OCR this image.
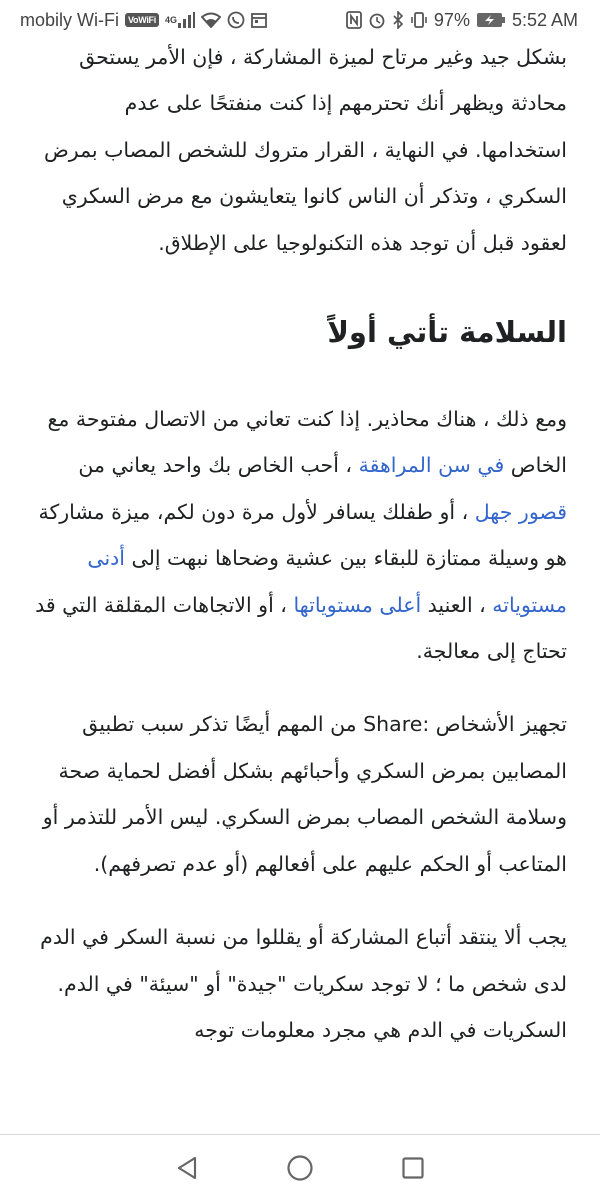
mobily Wi-Fi	VoWiFi	4G	97% 5:52 AM

بشكل جيد وغير مرتاح لميزة المشاركة ، فإن الأمر يستحق محادثة ويظهر أنك تحترمهم إذا كنت منفتحًا على عدم استخدامها. في النهاية ، القرار متروك للشخص المصاب بمرض السكري ، وتذكر أن الناس كانوا يتعايشون مع مرض السكري لعقود قبل أن توجد هذه التكنولوجيا على الإطلاق.

السلامة تأتي أولاً

ومع ذلك ، هناك محاذير. إذا كنت تعاني من الاتصال مفتوحة مع الخاص في سن المراهقة ، أحب الخاص بك واحد يعاني من قصور جهل ، أو طفلك يسافر لأول مرة دون لكم، ميزة مشاركة هو وسيلة ممتازة للبقاء بين عشية وضحاها نبهت إلى أدنى مستوياته ، العنيد أعلى مستوياتها ، أو الاتجاهات المقلقة التي قد تحتاج إلى معالجة.

تجهيز الأشخاص :Share من المهم أيضًا تذكر سبب تطبيق المصابين بمرض السكري وأحبائهم بشكل أفضل لحماية صحة وسلامة الشخص المصاب بمرض السكري. ليس الأمر للتذمر أو المتاعب أو الحكم عليهم على أفعالهم (أو عدم تصرفهم).

يجب ألا ينتقد أتباع المشاركة أو يقللوا من نسبة السكر في الدم لدى شخص ما ؛ لا توجد سكريات "جيدة" أو "سيئة" في الدم. السكريات في الدم هي مجرد معلومات توجه
